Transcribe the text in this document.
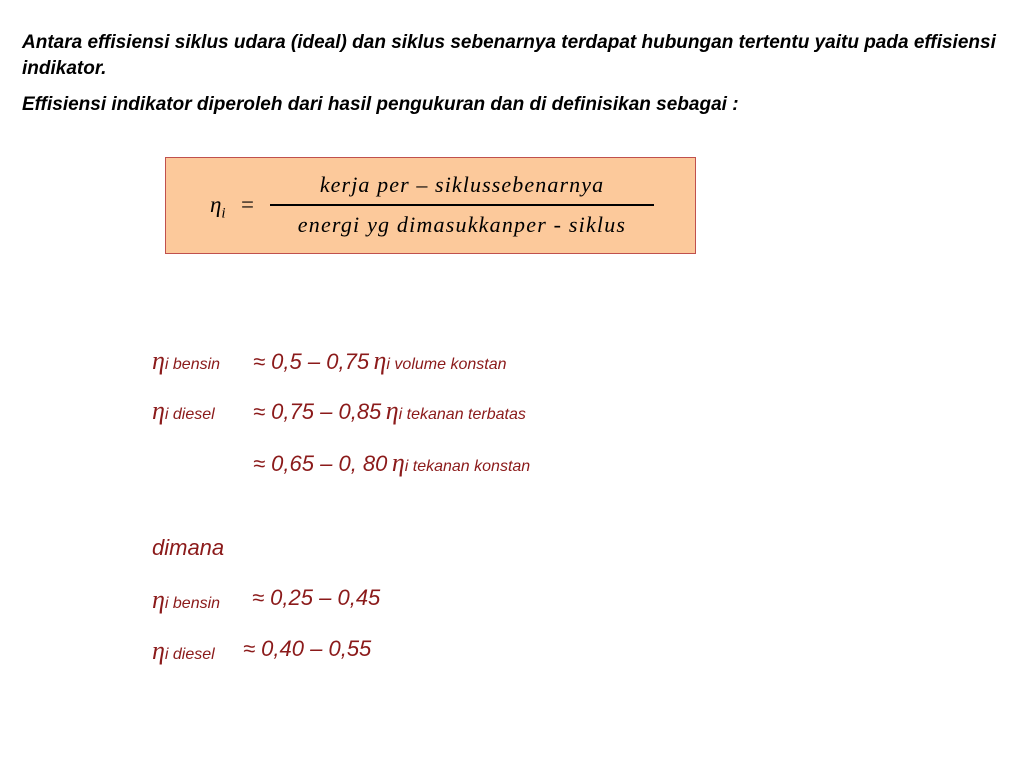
Antara effisiensi siklus udara (ideal) dan siklus sebenarnya terdapat hubungan tertentu yaitu pada effisiensi indikator.

Effisiensi indikator diperoleh dari hasil pengukuran dan di definisikan sebagai :

$\eta_i$ =
kerja per – siklussebenarnya
energi yg dimasukkanper - siklus
ηi bensin ≈ 0,5 – 0,75 ηi volume konstan
ηi diesel ≈ 0,75 – 0,85 ηi tekanan terbatas
≈ 0,65 – 0, 80 ηi tekanan konstan
dimana
ηi bensin ≈ 0,25 – 0,45
ηi diesel ≈ 0,40 – 0,55
